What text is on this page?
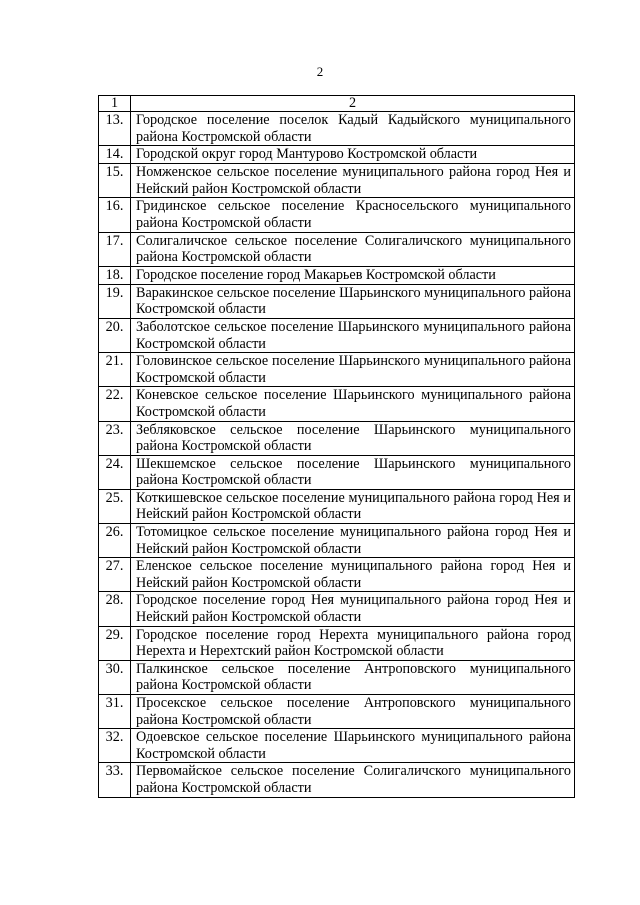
2
1	2
13.	Городское поселение поселок Кадый Кадыйского муниципального района Костромской области
14.	Городской округ город Мантурово Костромской области
15.	Номженское сельское поселение муниципального района город Нея и Нейский район Костромской области
16.	Гридинское сельское поселение Красносельского муниципального района Костромской области
17.	Солигаличское сельское поселение Солигаличского муниципального района Костромской области
18.	Городское поселение город Макарьев Костромской области
19.	Варакинское сельское поселение Шарьинского муниципального района Костромской области
20.	Заболотское сельское поселение Шарьинского муниципального района Костромской области
21.	Головинское сельское поселение Шарьинского муниципального района Костромской области
22.	Коневское сельское поселение Шарьинского муниципального района Костромской области
23.	Зебляковское сельское поселение Шарьинского муниципального района Костромской области
24.	Шекшемское сельское поселение Шарьинского муниципального района Костромской области
25.	Коткишевское сельское поселение муниципального района город Нея и Нейский район Костромской области
26.	Тотомицкое сельское поселение муниципального района город Нея и Нейский район Костромской области
27.	Еленское сельское поселение муниципального района город Нея и Нейский район Костромской области
28.	Городское поселение город Нея муниципального района город Нея и Нейский район Костромской области
29.	Городское поселение город Нерехта муниципального района город Нерехта и Нерехтский район Костромской области
30.	Палкинское сельское поселение Антроповского муниципального района Костромской области
31.	Просекское сельское поселение Антроповского муниципального района Костромской области
32.	Одоевское сельское поселение Шарьинского муниципального района Костромской области
33.	Первомайское сельское поселение Солигаличского муниципального района Костромской области
